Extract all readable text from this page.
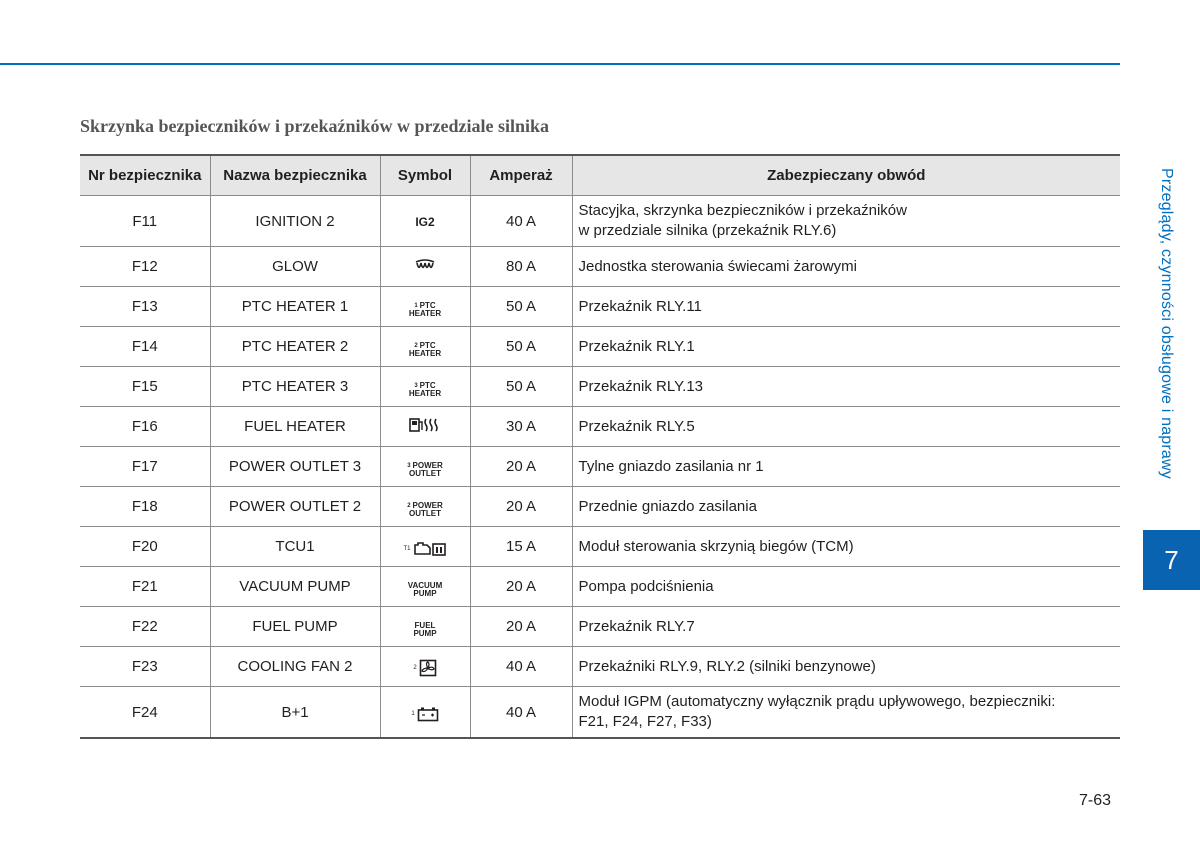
Skrzynka bezpieczników i przekaźników w przedziale silnika
Przeglądy, czynności obsługowe i naprawy
7
7-63
Nr bezpiecznika	Nazwa bezpiecznika	Symbol	Amperaż	Zabezpieczany obwód
F11	IGNITION 2	IG2	40 A	Stacyjka, skrzynka bezpieczników i przekaźników
w przedziale silnika (przekaźnik RLY.6)
F12	GLOW		80 A	Jednostka sterowania świecami żarowymi
F13	PTC HEATER 1	$^1$ PTC
HEATER	50 A	Przekaźnik RLY.11
F14	PTC HEATER 2	$^2$ PTC
HEATER	50 A	Przekaźnik RLY.1
F15	PTC HEATER 3	$^3$ PTC
HEATER	50 A	Przekaźnik RLY.13
F16	FUEL HEATER		30 A	Przekaźnik RLY.5
F17	POWER OUTLET 3	$^3$ POWER
OUTLET	20 A	Tylne gniazdo zasilania nr 1
F18	POWER OUTLET 2	$^2$ POWER
OUTLET	20 A	Przednie gniazdo zasilania
F20	TCU1	T1	15 A	Moduł sterowania skrzynią biegów (TCM)
F21	VACUUM PUMP	VACUUM
PUMP	20 A	Pompa podciśnienia
F22	FUEL PUMP	FUEL
PUMP	20 A	Przekaźnik RLY.7
F23	COOLING FAN 2	2	40 A	Przekaźniki RLY.9, RLY.2 (silniki benzynowe)
F24	B+1	1	40 A	Moduł IGPM (automatyczny wyłącznik prądu upływowego, bezpieczniki:
F21, F24, F27, F33)
